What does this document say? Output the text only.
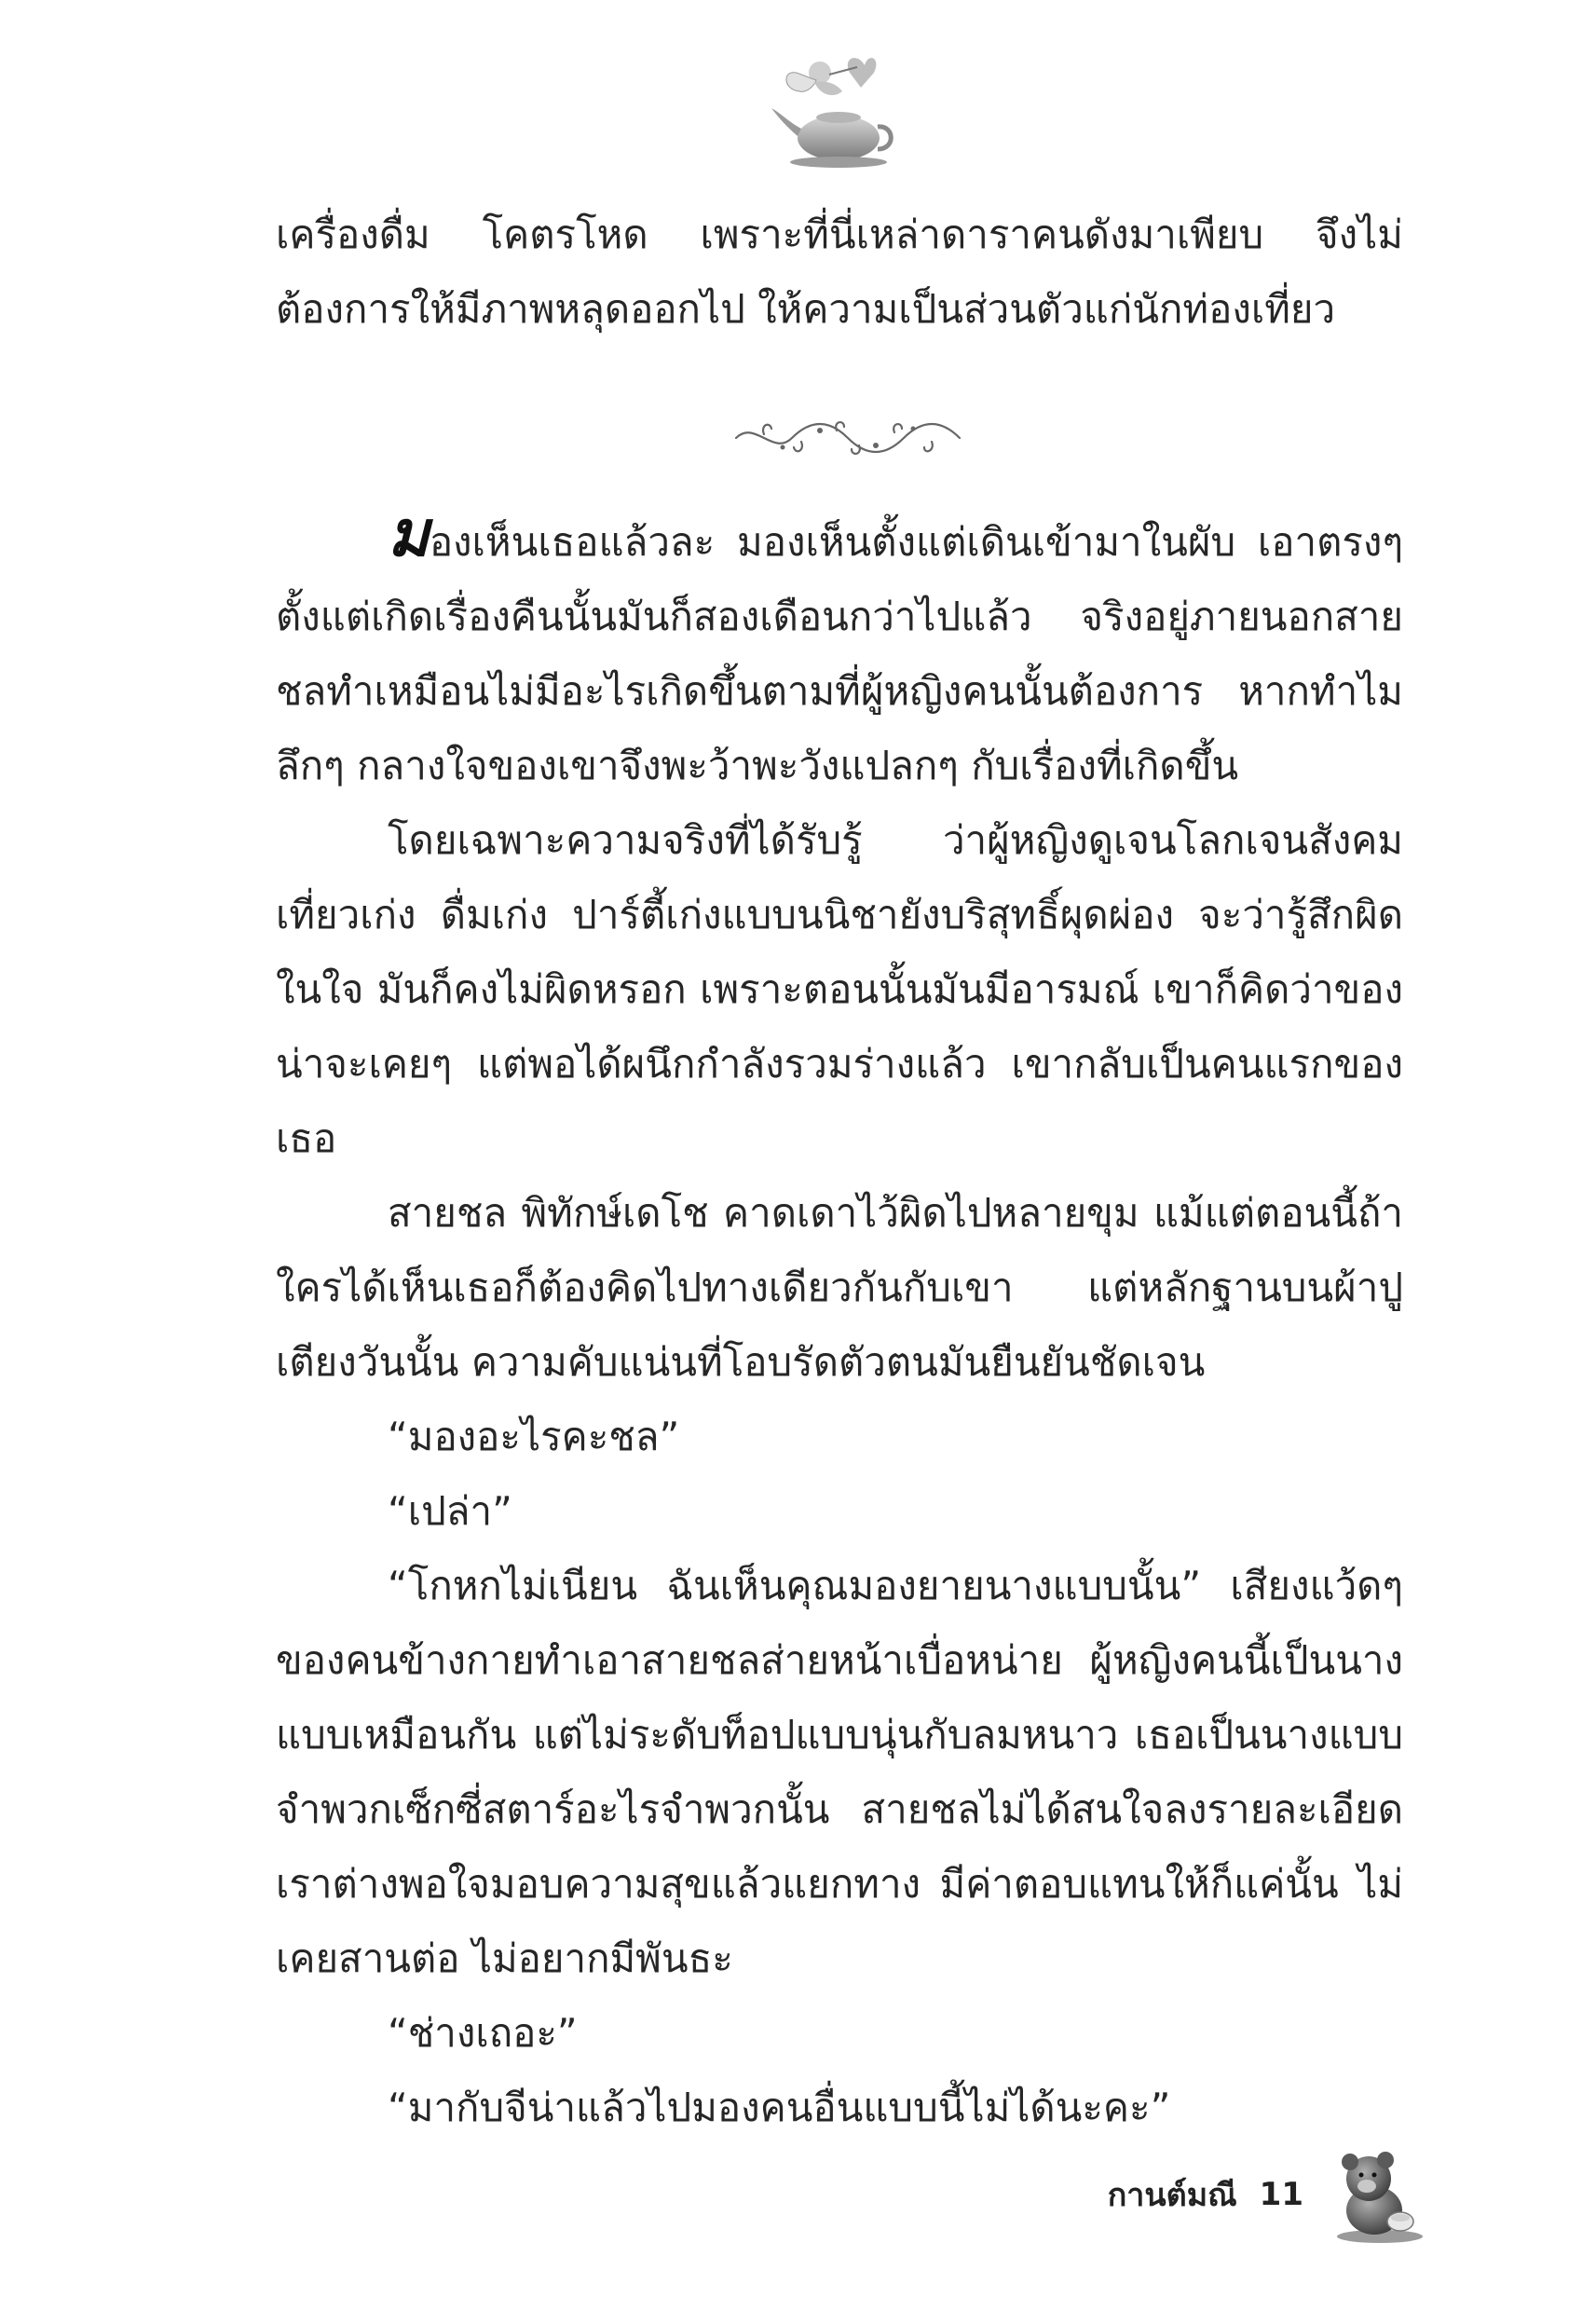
เครื่องดื่ม โคตรโหด เพราะที่นี่เหล่าดาราคนดังมาเพียบ จึงไม่ต้องการให้มีภาพหลุดออกไป ให้ความเป็นส่วนตัวแก่นักท่องเที่ยว

มองเห็นเธอแล้วละ มองเห็นตั้งแต่เดินเข้ามาในผับ เอาตรงๆ ตั้งแต่เกิดเรื่องคืนนั้นมันก็สองเดือนกว่าไปแล้ว จริงอยู่ภายนอกสายชลทำเหมือนไม่มีอะไรเกิดขึ้นตามที่ผู้หญิงคนนั้นต้องการ หากทำไมลึกๆ กลางใจของเขาจึงพะว้าพะวังแปลกๆ กับเรื่องที่เกิดขึ้น

โดยเฉพาะความจริงที่ได้รับรู้ ว่าผู้หญิงดูเจนโลกเจนสังคม เที่ยวเก่ง ดื่มเก่ง ปาร์ตี้เก่งแบบนนิชายังบริสุทธิ์ผุดผ่อง จะว่ารู้สึกผิดในใจ มันก็คงไม่ผิดหรอก เพราะตอนนั้นมันมีอารมณ์ เขาก็คิดว่าของน่าจะเคยๆ แต่พอได้ผนึกกำลังรวมร่างแล้ว เขากลับเป็นคนแรกของเธอ

สายชล พิทักษ์เดโช คาดเดาไว้ผิดไปหลายขุม แม้แต่ตอนนี้ถ้าใครได้เห็นเธอก็ต้องคิดไปทางเดียวกันกับเขา แต่หลักฐานบนผ้าปูเตียงวันนั้น ความคับแน่นที่โอบรัดตัวตนมันยืนยันชัดเจน

“มองอะไรคะชล”

“เปล่า”

“โกหกไม่เนียน ฉันเห็นคุณมองยายนางแบบนั้น” เสียงแว้ดๆ ของคนข้างกายทำเอาสายชลส่ายหน้าเบื่อหน่าย ผู้หญิงคนนี้เป็นนางแบบเหมือนกัน แต่ไม่ระดับท็อปแบบนุ่นกับลมหนาว เธอเป็นนางแบบจำพวกเซ็กซี่สตาร์อะไรจำพวกนั้น สายชลไม่ได้สนใจลงรายละเอียด เราต่างพอใจมอบความสุขแล้วแยกทาง มีค่าตอบแทนให้ก็แค่นั้น ไม่เคยสานต่อ ไม่อยากมีพันธะ

“ช่างเถอะ”

“มากับจีน่าแล้วไปมองคนอื่นแบบนี้ไม่ได้นะคะ”

กานต์มณี 11
